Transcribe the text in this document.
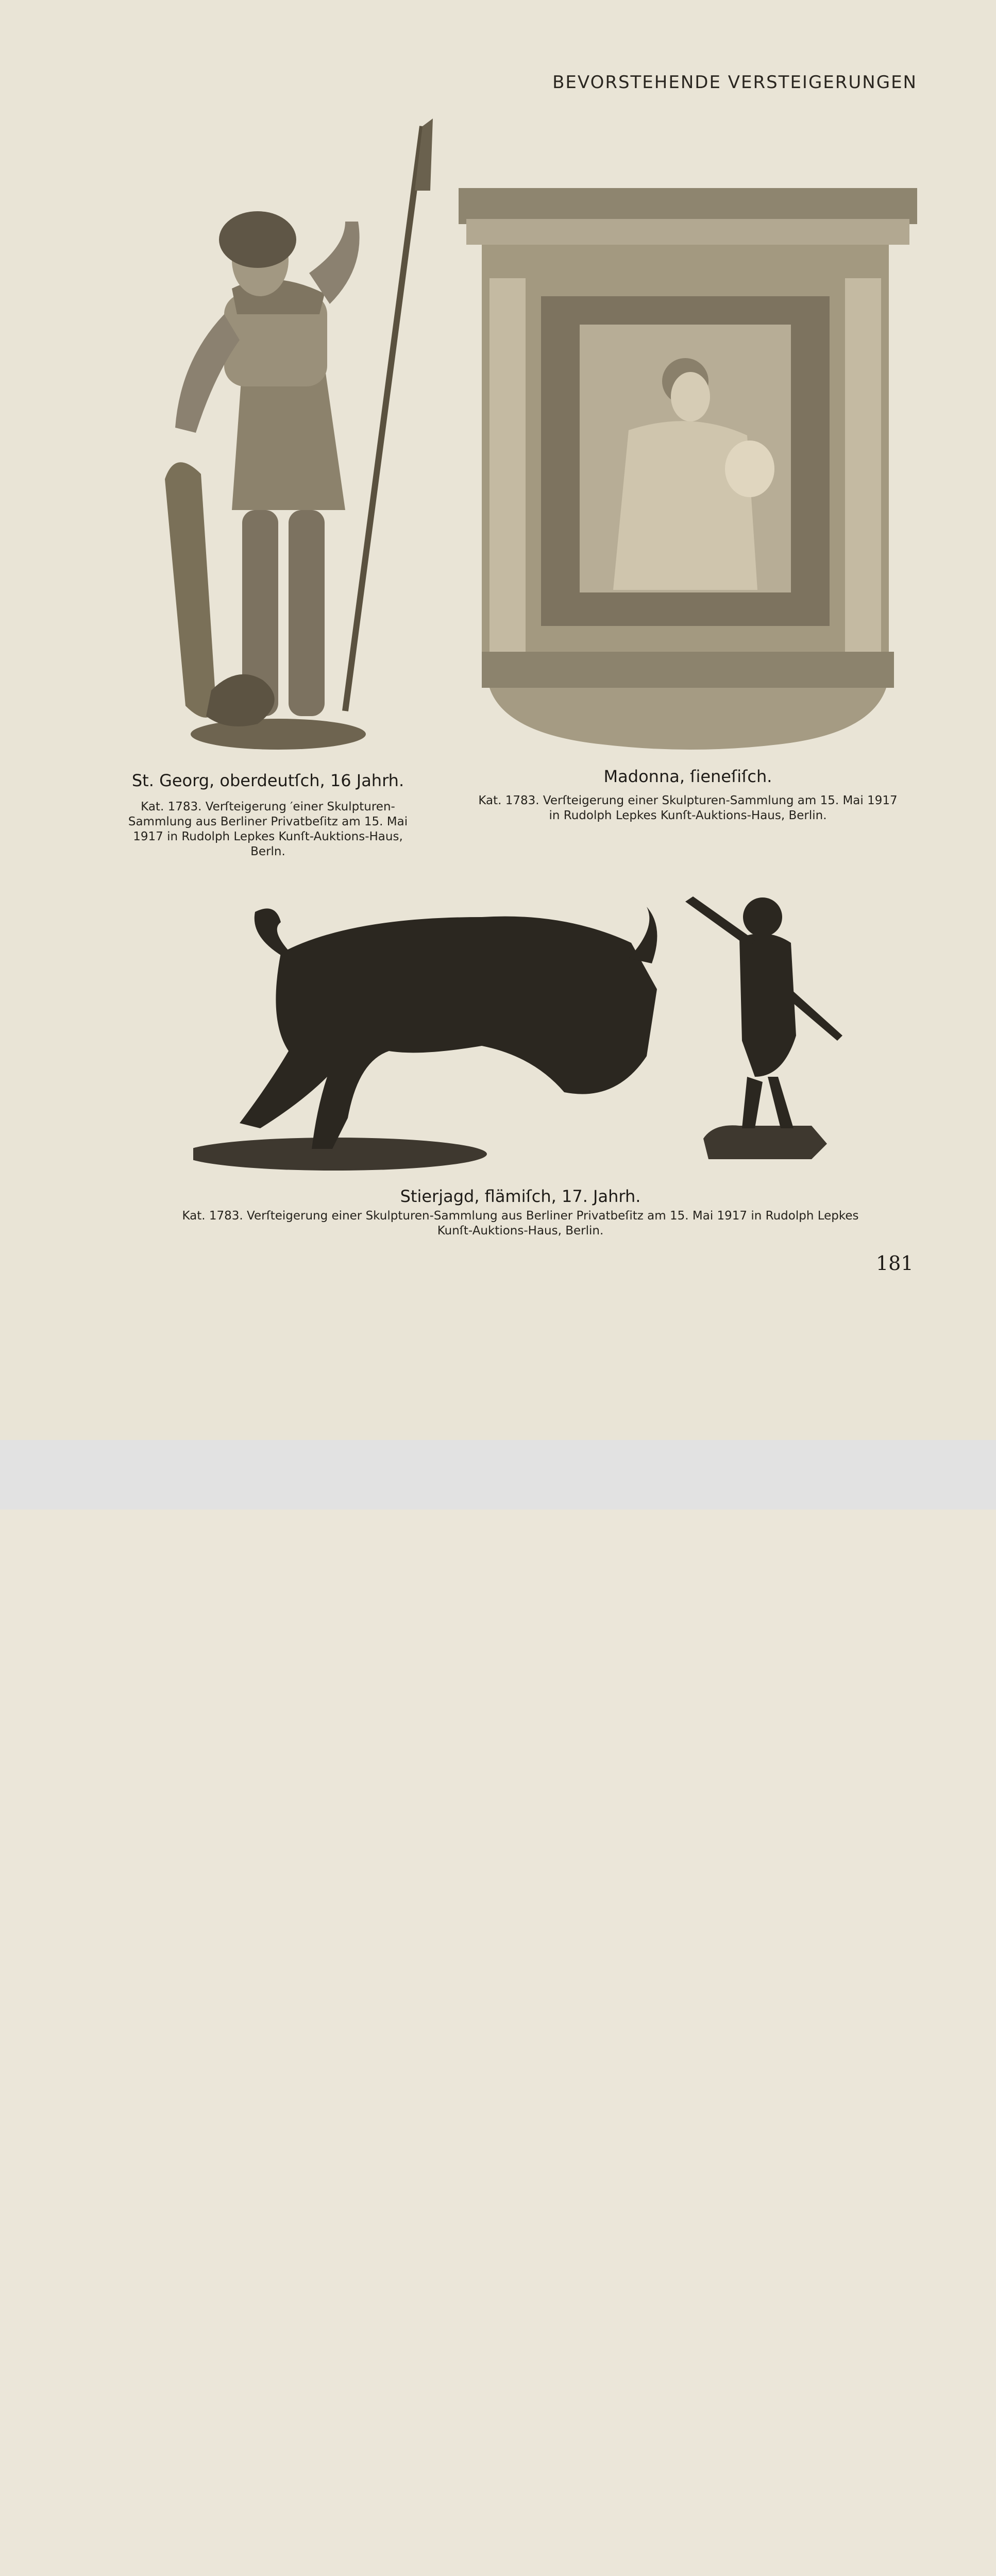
BEVORSTEHENDE VERSTEIGERUNGEN
St. Georg, oberdeutſch, 16 Jahrh.
Kat. 1783. Verſteigerung ′einer Skulpturen-
Sammlung aus Berliner Privatbeſitz am 15. Mai
1917 in Rudolph Lepkes Kunſt-Auktions-Haus,
Berln.
Madonna, ſieneſiſch.
Kat. 1783. Verſteigerung einer Skulpturen-Sammlung am 15. Mai 1917
in Rudolph Lepkes Kunſt-Auktions-Haus, Berlin.
Stierjagd, flämiſch, 17. Jahrh.
Kat. 1783. Verſteigerung einer Skulpturen-Sammlung aus Berliner Privatbeſitz am 15. Mai 1917 in Rudolph Lepkes
Kunſt-Auktions-Haus, Berlin.
181
